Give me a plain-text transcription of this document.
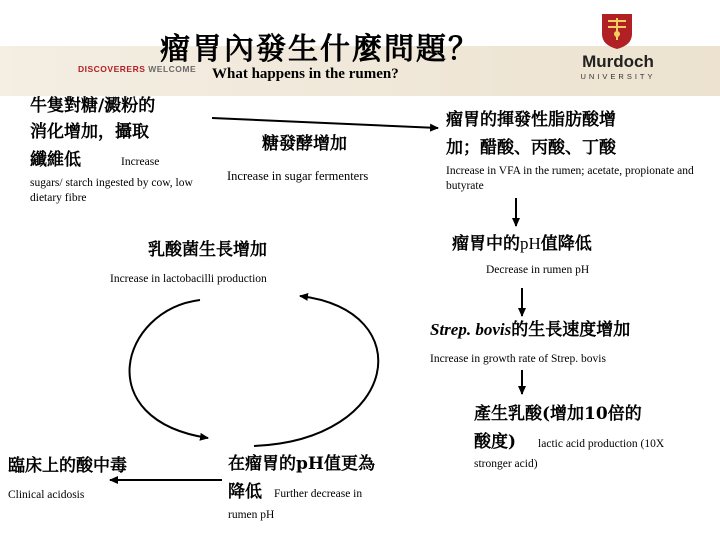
瘤胃內發生什麼問題？
DISCOVERERS WELCOME What happens in the rumen?
Murdoch
UNIVERSITY
牛隻對糖/澱粉的
消化增加，攝取
纖維低	Increase
sugars/ starch ingested by cow, low dietary fibre
糖發酵增加
Increase in sugar fermenters
瘤胃的揮發性脂肪酸增
加；醋酸、丙酸、丁酸
Increase in VFA in the rumen; acetate, propionate and butyrate
瘤胃中的pH值降低
Decrease in rumen pH
Strep. bovis的生長速度增加
Increase in growth rate of Strep. bovis
產生乳酸(增加10倍的
酸度) lactic acid production (10X
stronger acid)
乳酸菌生長增加
Increase in lactobacilli production
在瘤胃的pH值更為
降低 Further decrease in
rumen pH
臨床上的酸中毒
Clinical acidosis
